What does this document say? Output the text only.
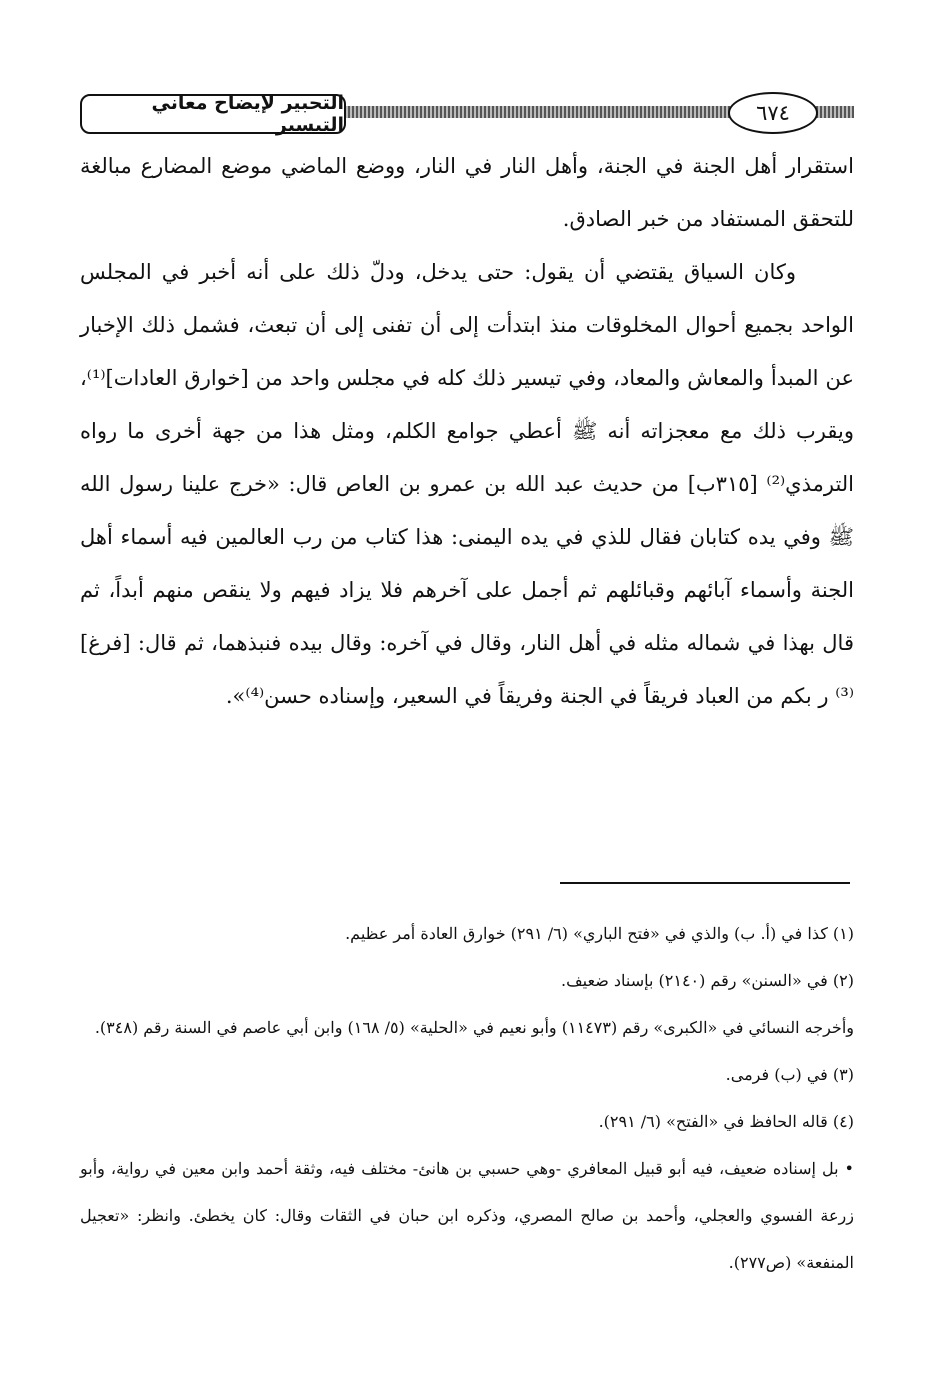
التحبير لإيضاح معاني التيسير	٦٧٤

استقرار أهل الجنة في الجنة، وأهل النار في النار، ووضع الماضي موضع المضارع مبالغة للتحقق المستفاد من خبر الصادق.

وكان السياق يقتضي أن يقول: حتى يدخل، ودلّ ذلك على أنه أخبر في المجلس الواحد بجميع أحوال المخلوقات منذ ابتدأت إلى أن تفنى إلى أن تبعث، فشمل ذلك الإخبار عن المبدأ والمعاش والمعاد، وفي تيسير ذلك كله في مجلس واحد من [خوارق العادات]⁽¹⁾، ويقرب ذلك مع معجزاته أنه ﷺ أعطي جوامع الكلم، ومثل هذا من جهة أخرى ما رواه الترمذي⁽²⁾ [٣١٥ب] من حديث عبد الله بن عمرو بن العاص قال: «خرج علينا رسول الله ﷺ وفي يده كتابان فقال للذي في يده اليمنى: هذا كتاب من رب العالمين فيه أسماء أهل الجنة وأسماء آبائهم وقبائلهم ثم أجمل على آخرهم فلا يزاد فيهم ولا ينقص منهم أبداً، ثم قال بهذا في شماله مثله في أهل النار، وقال في آخره: وقال بيده فنبذهما، ثم قال: [فرغ]⁽³⁾ ر بكم من العباد فريقاً في الجنة وفريقاً في السعير، وإسناده حسن⁽⁴⁾».

(١) كذا في (أ. ب) والذي في «فتح الباري» (٦/ ٢٩١) خوارق العادة أمر عظيم.

(٢) في «السنن» رقم (٢١٤٠) بإسناد ضعيف.

وأخرجه النسائي في «الكبرى» رقم (١١٤٧٣) وأبو نعيم في «الحلية» (٥/ ١٦٨) وابن أبي عاصم في السنة رقم (٣٤٨).

(٣) في (ب) فرمى.

(٤) قاله الحافظ في «الفتح» (٦/ ٢٩١).

• بل إسناده ضعيف، فيه أبو قبيل المعافري -وهي حسبي بن هانئ- مختلف فيه، وثقة أحمد وابن معين في رواية، وأبو زرعة الفسوي والعجلي، وأحمد بن صالح المصري، وذكره ابن حبان في الثقات وقال: كان يخطئ. وانظر: «تعجيل المنفعة» (ص٢٧٧).
